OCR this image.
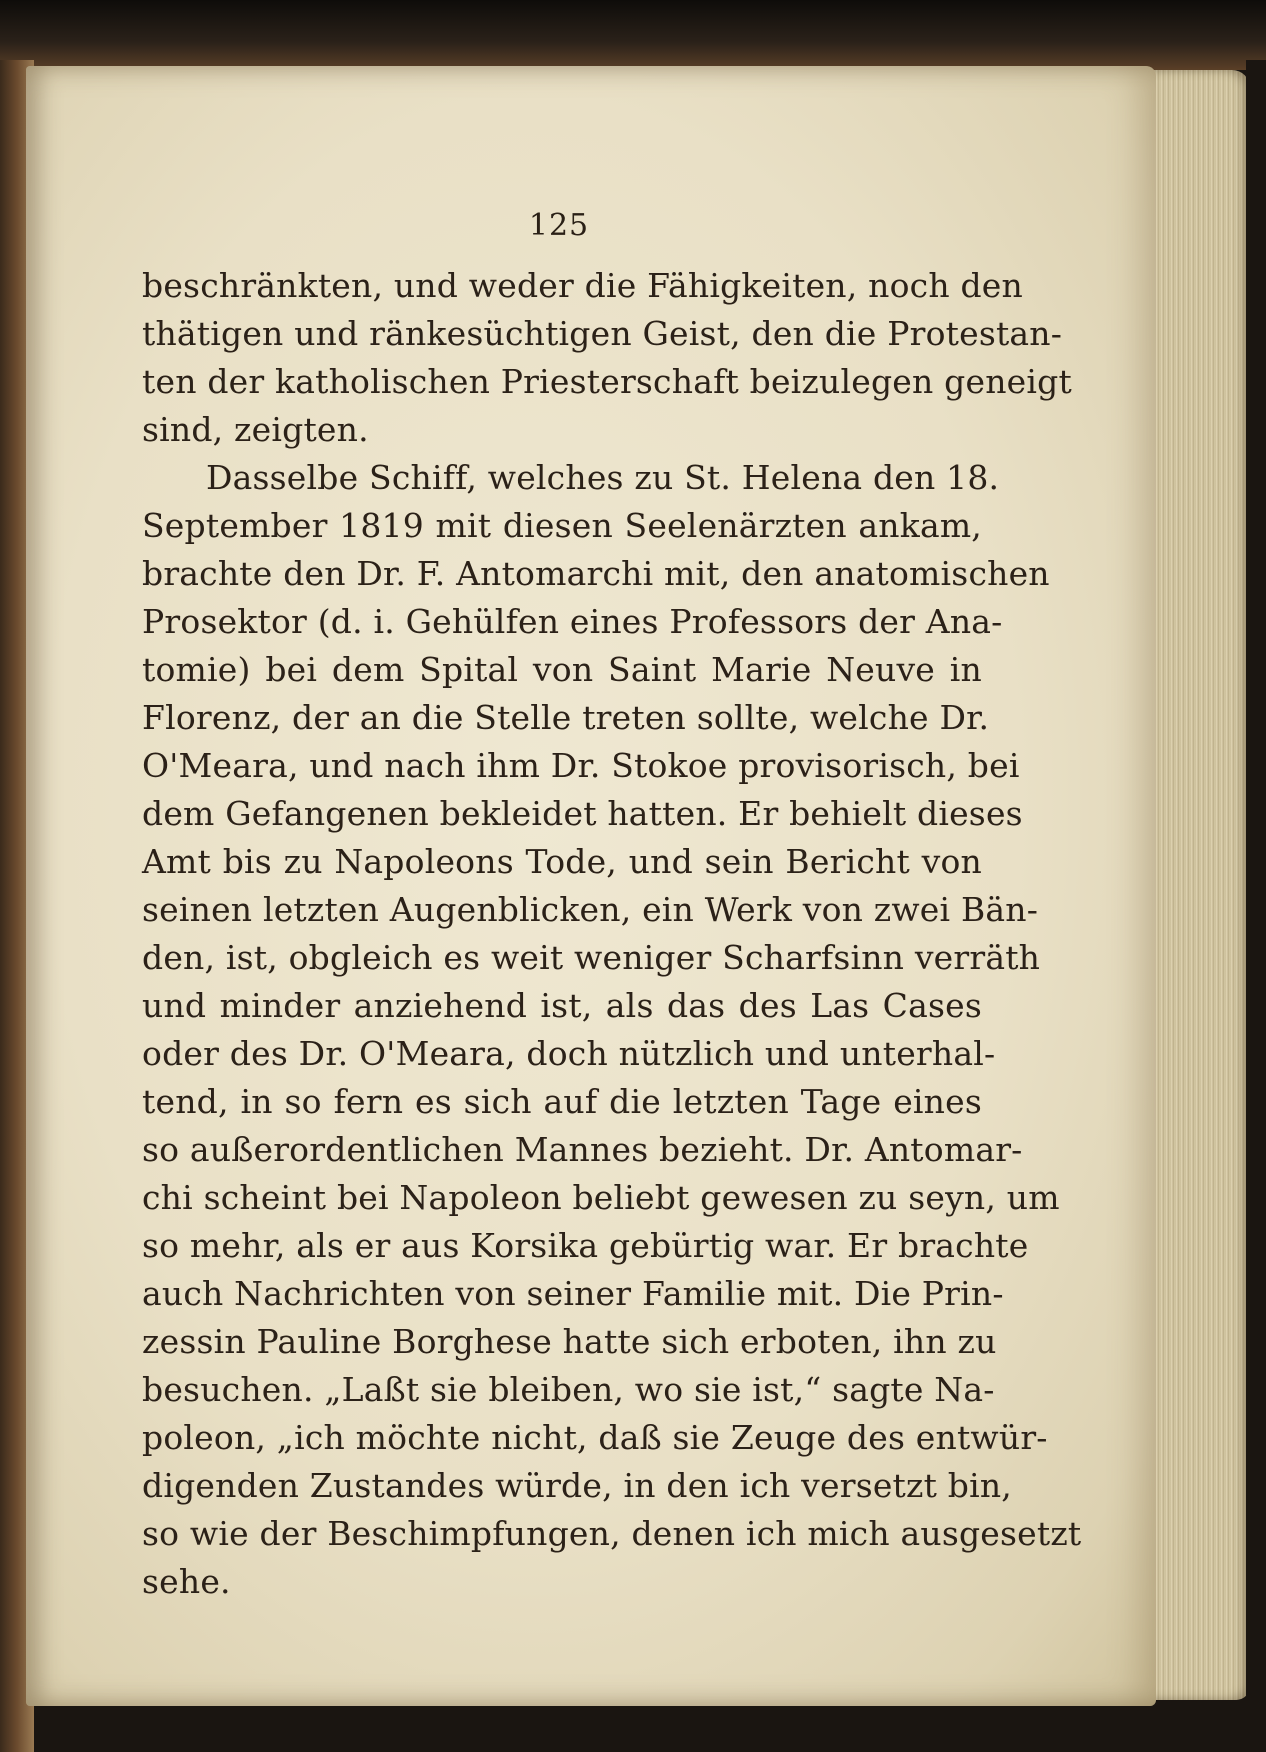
125
beschränkten, und weder die Fähigkeiten, noch den
thätigen und ränkesüchtigen Geist, den die Protestan-
ten der katholischen Priesterschaft beizulegen geneigt
sind, zeigten.
Dasselbe Schiff, welches zu St. Helena den 18.
September 1819 mit diesen Seelenärzten ankam,
brachte den Dr. F. Antomarchi mit, den anatomischen
Prosektor (d. i. Gehülfen eines Professors der Ana-
tomie) bei dem Spital von Saint Marie Neuve in
Florenz, der an die Stelle treten sollte, welche Dr.
O'Meara, und nach ihm Dr. Stokoe provisorisch, bei
dem Gefangenen bekleidet hatten. Er behielt dieses
Amt bis zu Napoleons Tode, und sein Bericht von
seinen letzten Augenblicken, ein Werk von zwei Bän-
den, ist, obgleich es weit weniger Scharfsinn verräth
und minder anziehend ist, als das des Las Cases
oder des Dr. O'Meara, doch nützlich und unterhal-
tend, in so fern es sich auf die letzten Tage eines
so außerordentlichen Mannes bezieht. Dr. Antomar-
chi scheint bei Napoleon beliebt gewesen zu seyn, um
so mehr, als er aus Korsika gebürtig war. Er brachte
auch Nachrichten von seiner Familie mit. Die Prin-
zessin Pauline Borghese hatte sich erboten, ihn zu
besuchen. „Laßt sie bleiben, wo sie ist,“ sagte Na-
poleon, „ich möchte nicht, daß sie Zeuge des entwür-
digenden Zustandes würde, in den ich versetzt bin,
so wie der Beschimpfungen, denen ich mich ausgesetzt
sehe.
